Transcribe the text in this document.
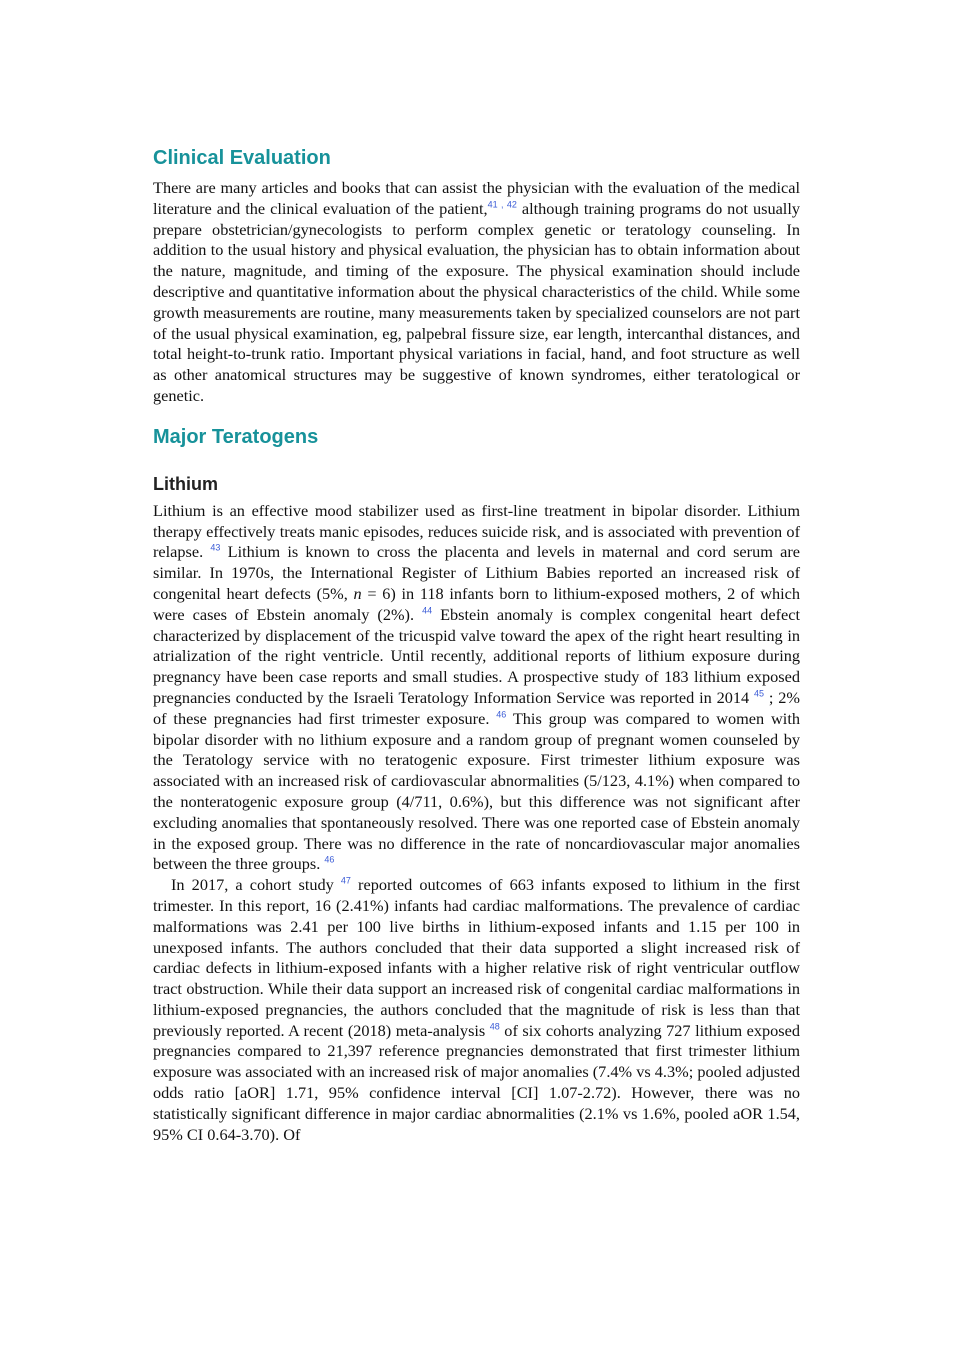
Clinical Evaluation

There are many articles and books that can assist the physician with the evaluation of the medical literature and the clinical evaluation of the patient,$^{41 , 42}$ although training programs do not usually prepare obstetrician/gynecologists to perform complex genetic or teratology counseling. In addition to the usual history and physical evaluation, the physician has to obtain information about the nature, magnitude, and timing of the exposure. The physical examination should include descriptive and quantitative information about the physical characteristics of the child. While some growth measurements are routine, many measurements taken by specialized counselors are not part of the usual physical examination, eg, palpebral fissure size, ear length, intercanthal distances, and total height-to-trunk ratio. Important physical variations in facial, hand, and foot structure as well as other anatomical structures may be suggestive of known syndromes, either teratological or genetic.

Major Teratogens
Lithium

Lithium is an effective mood stabilizer used as first-line treatment in bipolar disorder. Lithium therapy effectively treats manic episodes, reduces suicide risk, and is associated with prevention of relapse. $^{43}$ Lithium is known to cross the placenta and levels in maternal and cord serum are similar. In 1970s, the International Register of Lithium Babies reported an increased risk of congenital heart defects (5%, n = 6) in 118 infants born to lithium-exposed mothers, 2 of which were cases of Ebstein anomaly (2%). $^{44}$ Ebstein anomaly is complex congenital heart defect characterized by displacement of the tricuspid valve toward the apex of the right heart resulting in atrialization of the right ventricle. Until recently, additional reports of lithium exposure during pregnancy have been case reports and small studies. A prospective study of 183 lithium exposed pregnancies conducted by the Israeli Teratology Information Service was reported in 2014 $^{45}$ ; 2% of these pregnancies had first trimester exposure. $^{46}$ This group was compared to women with bipolar disorder with no lithium exposure and a random group of pregnant women counseled by the Teratology service with no teratogenic exposure. First trimester lithium exposure was associated with an increased risk of cardiovascular abnormalities (5/123, 4.1%) when compared to the nonteratogenic exposure group (4/711, 0.6%), but this difference was not significant after excluding anomalies that spontaneously resolved. There was one reported case of Ebstein anomaly in the exposed group. There was no difference in the rate of noncardiovascular major anomalies between the three groups. $^{46}$

In 2017, a cohort study $^{47}$ reported outcomes of 663 infants exposed to lithium in the first trimester. In this report, 16 (2.41%) infants had cardiac malformations. The prevalence of cardiac malformations was 2.41 per 100 live births in lithium-exposed infants and 1.15 per 100 in unexposed infants. The authors concluded that their data supported a slight increased risk of cardiac defects in lithium-exposed infants with a higher relative risk of right ventricular outflow tract obstruction. While their data support an increased risk of congenital cardiac malformations in lithium-exposed pregnancies, the authors concluded that the magnitude of risk is less than that previously reported. A recent (2018) meta-analysis $^{48}$ of six cohorts analyzing 727 lithium exposed pregnancies compared to 21,397 reference pregnancies demonstrated that first trimester lithium exposure was associated with an increased risk of major anomalies (7.4% vs 4.3%; pooled adjusted odds ratio [aOR] 1.71, 95% confidence interval [CI] 1.07-2.72). However, there was no statistically significant difference in major cardiac abnormalities (2.1% vs 1.6%, pooled aOR 1.54, 95% CI 0.64-3.70). Of
